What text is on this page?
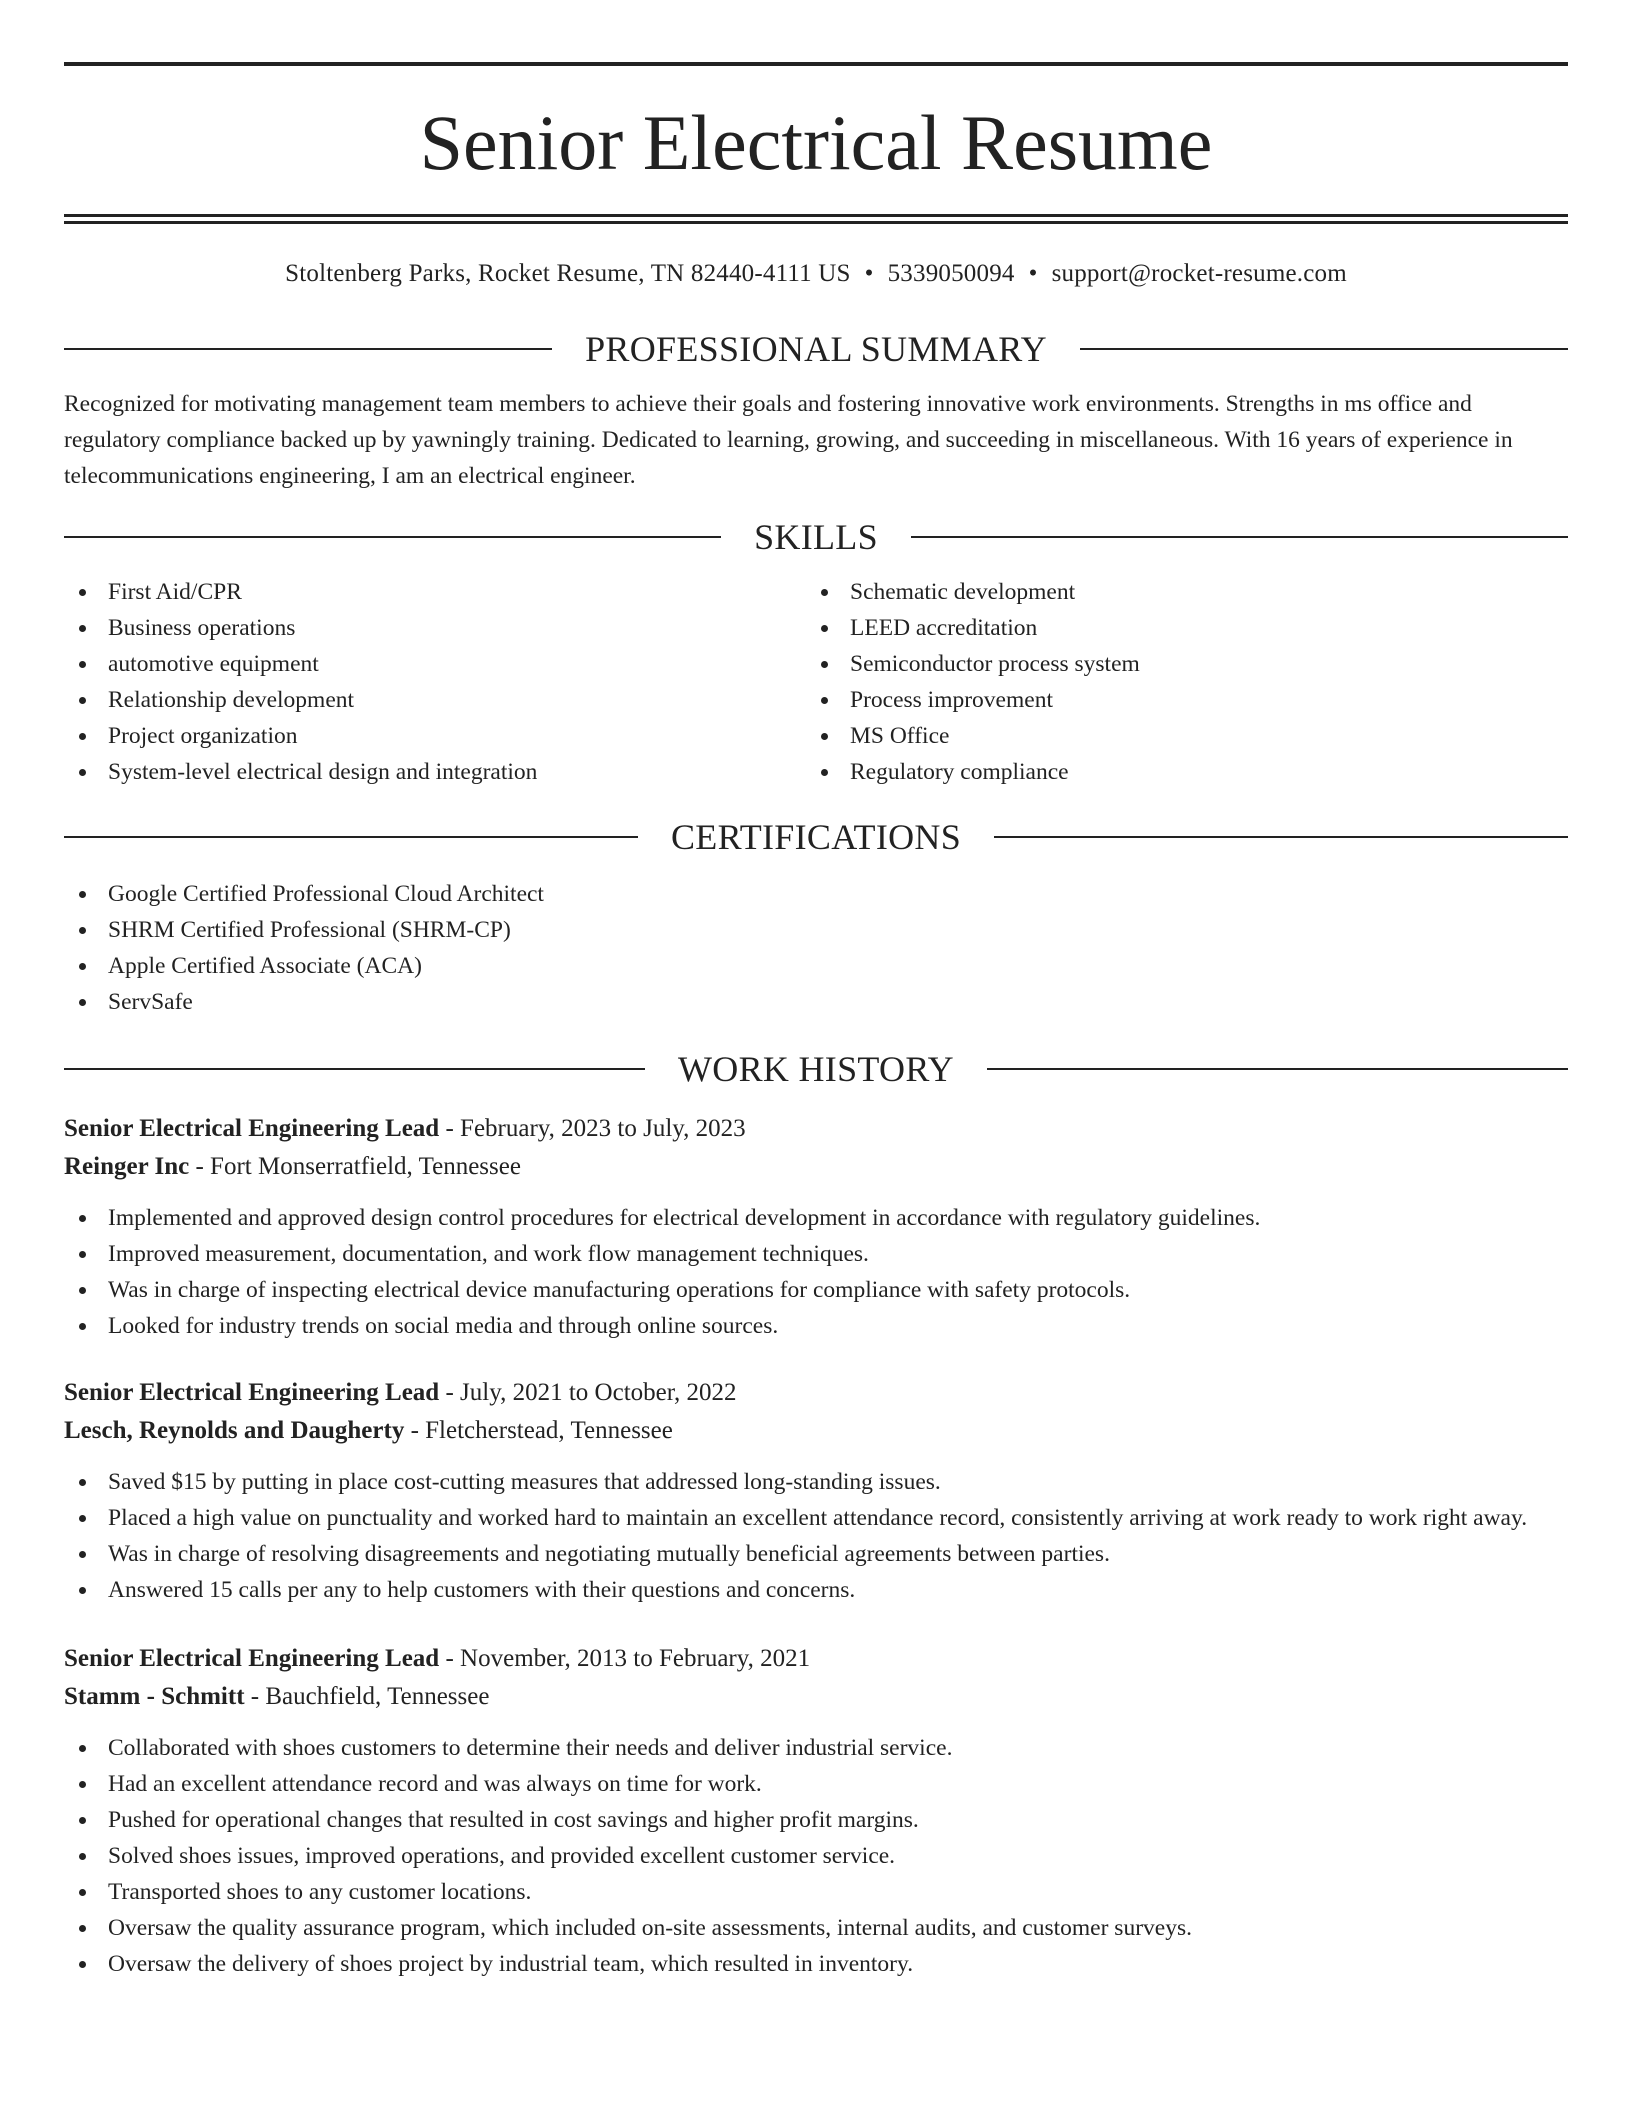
Senior Electrical Resume
Stoltenberg Parks, Rocket Resume, TN 82440-4111 US • 5339050094 • support@rocket-resume.com
PROFESSIONAL SUMMARY

Recognized for motivating management team members to achieve their goals and fostering innovative work environments. Strengths in ms office and regulatory compliance backed up by yawningly training. Dedicated to learning, growing, and succeeding in miscellaneous. With 16 years of experience in telecommunications engineering, I am an electrical engineer.

SKILLS
First Aid/CPR
Business operations
automotive equipment
Relationship development
Project organization
System-level electrical design and integration
Schematic development
LEED accreditation
Semiconductor process system
Process improvement
MS Office
Regulatory compliance
CERTIFICATIONS
Google Certified Professional Cloud Architect
SHRM Certified Professional (SHRM-CP)
Apple Certified Associate (ACA)
ServSafe
WORK HISTORY
Senior Electrical Engineering Lead - February, 2023 to July, 2023
Reinger Inc - Fort Monserratfield, Tennessee
Implemented and approved design control procedures for electrical development in accordance with regulatory guidelines.
Improved measurement, documentation, and work flow management techniques.
Was in charge of inspecting electrical device manufacturing operations for compliance with safety protocols.
Looked for industry trends on social media and through online sources.
Senior Electrical Engineering Lead - July, 2021 to October, 2022
Lesch, Reynolds and Daugherty - Fletcherstead, Tennessee
Saved $15 by putting in place cost-cutting measures that addressed long-standing issues.
Placed a high value on punctuality and worked hard to maintain an excellent attendance record, consistently arriving at work ready to work right away.
Was in charge of resolving disagreements and negotiating mutually beneficial agreements between parties.
Answered 15 calls per any to help customers with their questions and concerns.
Senior Electrical Engineering Lead - November, 2013 to February, 2021
Stamm - Schmitt - Bauchfield, Tennessee
Collaborated with shoes customers to determine their needs and deliver industrial service.
Had an excellent attendance record and was always on time for work.
Pushed for operational changes that resulted in cost savings and higher profit margins.
Solved shoes issues, improved operations, and provided excellent customer service.
Transported shoes to any customer locations.
Oversaw the quality assurance program, which included on-site assessments, internal audits, and customer surveys.
Oversaw the delivery of shoes project by industrial team, which resulted in inventory.
